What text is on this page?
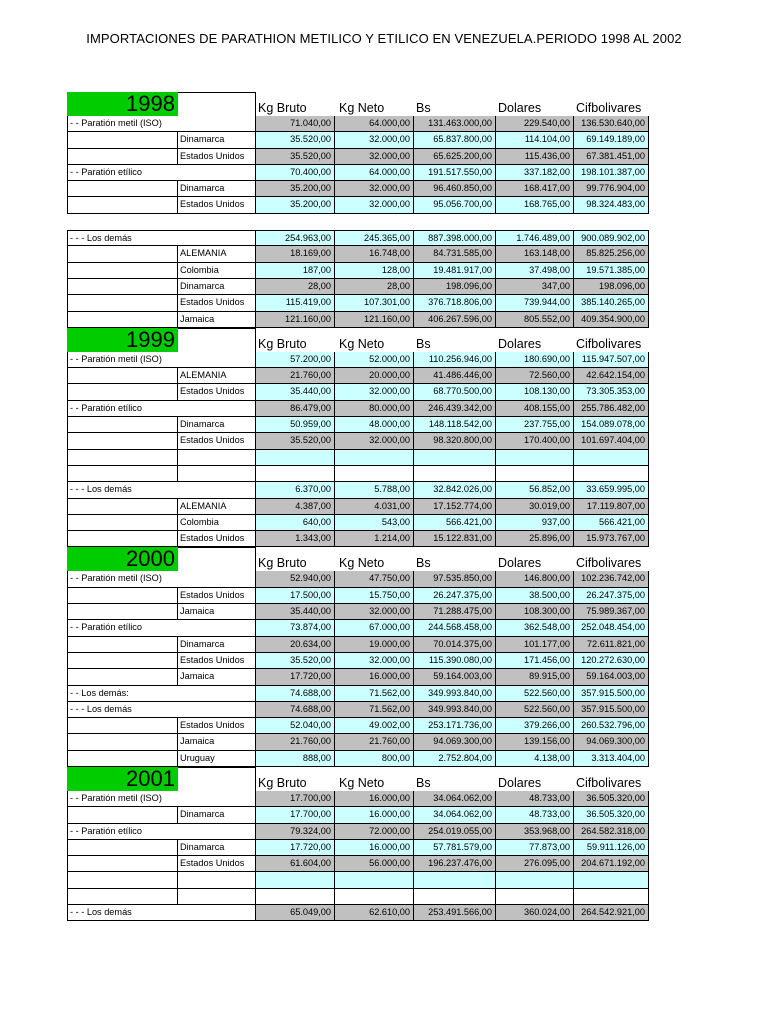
IMPORTACIONES DE PARATHION METILICO Y ETILICO EN VENEZUELA.PERIODO 1998 AL 2002
1998	Kg Bruto	Kg Neto	Bs	Dolares	Cifbolivares
- - Paratión metil (ISO)	71.040,00	64.000,00	131.463.000,00	229.540,00	136.530.640,00
Dinamarca	35.520,00	32.000,00	65.837.800,00	114.104,00	69.149.189,00
Estados Unidos	35.520,00	32.000,00	65.625.200,00	115.436,00	67.381.451,00
- - Paratión etílico	70.400,00	64.000,00	191.517.550,00	337.182,00	198.101.387,00
Dinamarca	35.200,00	32.000,00	96.460.850,00	168.417,00	99.776.904,00
Estados Unidos	35.200,00	32.000,00	95.056.700,00	168.765,00	98.324.483,00
- - - Los demás	254.963,00	245.365,00	887.398.000,00	1.746.489,00	900.089.902,00
ALEMANIA	18.169,00	16.748,00	84.731.585,00	163.148,00	85.825.256,00
Colombia	187,00	128,00	19.481.917,00	37.498,00	19.571.385,00
Dinamarca	28,00	28,00	198.096,00	347,00	198.096,00
Estados Unidos	115.419,00	107.301,00	376.718.806,00	739.944,00	385.140.265,00
Jamaica	121.160,00	121.160,00	406.267.596,00	805.552,00	409.354.900,00
1999	Kg Bruto	Kg Neto	Bs	Dolares	Cifbolivares
- - Paratión metil (ISO)	57.200,00	52.000,00	110.256.946,00	180.690,00	115.947.507,00
ALEMANIA	21.760,00	20.000,00	41.486.446,00	72.560,00	42.642.154,00
Estados Unidos	35.440,00	32.000,00	68.770.500,00	108.130,00	73.305.353,00
- - Paratión etílico	86.479,00	80.000,00	246.439.342,00	408.155,00	255.786.482,00
Dinamarca	50.959,00	48.000,00	148.118.542,00	237.755,00	154.089.078,00
Estados Unidos	35.520,00	32.000,00	98.320.800,00	170.400,00	101.697.404,00
- - - Los demás	6.370,00	5.788,00	32.842.026,00	56.852,00	33.659.995,00
ALEMANIA	4.387,00	4.031,00	17.152.774,00	30.019,00	17.119.807,00
Colombia	640,00	543,00	566.421,00	937,00	566.421,00
Estados Unidos	1.343,00	1.214,00	15.122.831,00	25.896,00	15.973.767,00
2000	Kg Bruto	Kg Neto	Bs	Dolares	Cifbolivares
- - Paratión metil (ISO)	52.940,00	47.750,00	97.535.850,00	146.800,00	102.236.742,00
Estados Unidos	17.500,00	15.750,00	26.247.375,00	38.500,00	26.247.375,00
Jamaica	35.440,00	32.000,00	71.288.475,00	108.300,00	75.989.367,00
- - Paratión etílico	73.874,00	67.000,00	244.568.458,00	362.548,00	252.048.454,00
Dinamarca	20.634,00	19.000,00	70.014.375,00	101.177,00	72.611.821,00
Estados Unidos	35.520,00	32.000,00	115.390.080,00	171.456,00	120.272.630,00
Jamaica	17.720,00	16.000,00	59.164.003,00	89.915,00	59.164.003,00
- - Los demás:	74.688,00	71.562,00	349.993.840,00	522.560,00	357.915.500,00
- - - Los demás	74.688,00	71.562,00	349.993.840,00	522.560,00	357.915.500,00
Estados Unidos	52.040,00	49.002,00	253.171.736,00	379.266,00	260.532.796,00
Jamaica	21.760,00	21.760,00	94.069.300,00	139.156,00	94.069.300,00
Uruguay	888,00	800,00	2.752.804,00	4.138,00	3.313.404,00
2001	Kg Bruto	Kg Neto	Bs	Dolares	Cifbolivares
- - Paratión metil (ISO)	17.700,00	16.000,00	34.064.062,00	48.733,00	36.505.320,00
Dinamarca	17.700,00	16.000,00	34.064.062,00	48.733,00	36.505.320,00
- - Paratión etílico	79.324,00	72.000,00	254.019.055,00	353.968,00	264.582.318,00
Dinamarca	17.720,00	16.000,00	57.781.579,00	77.873,00	59.911.126,00
Estados Unidos	61.604,00	56.000,00	196.237.476,00	276.095,00	204.671.192,00
- - - Los demás	65.049,00	62.610,00	253.491.566,00	360.024,00	264.542.921,00
